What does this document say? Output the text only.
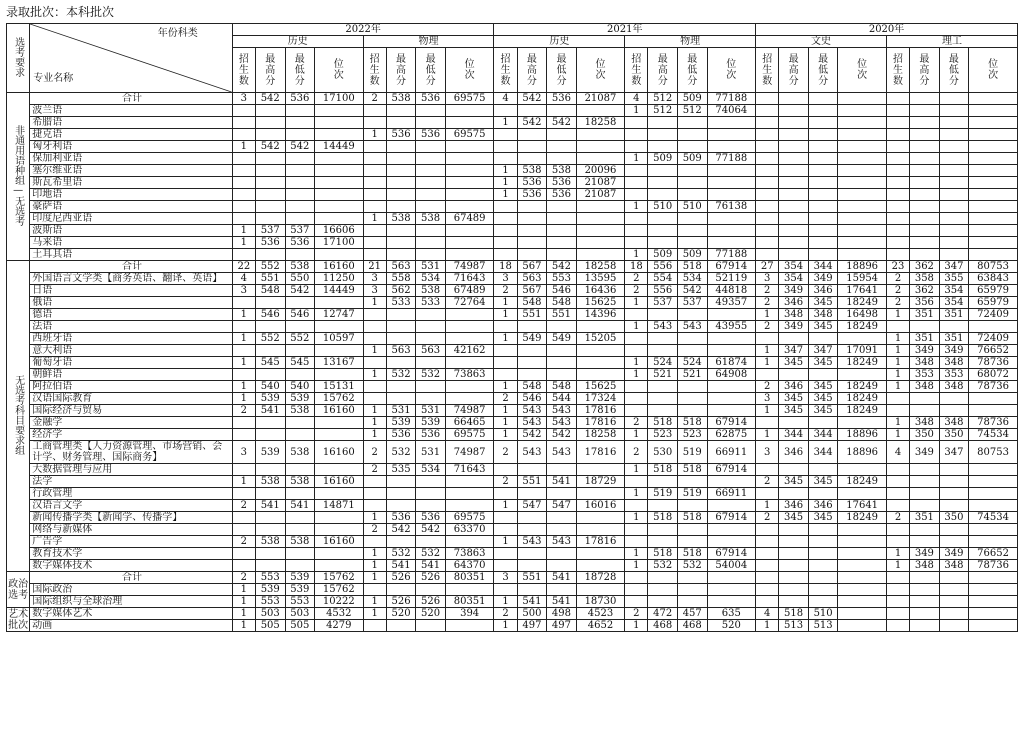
录取批次：本科批次
选考要求	年份科类
专业名称	2022年								2021年								2020年							
		历史				物理				历史				物理				文史				理工			

		招生数	最高分	最低分	位次	招生数	最高分	最低分	位次	招生数	最高分	最低分	位次	招生数	最高分	最低分	位次	招生数	最高分	最低分	位次	招生数	最高分	最低分	位次

非通用语种组—无选考	合计	3	542	536	17100	2	538	536	69575	4	542	536	21087	4	512	509	77188								
	波兰语													1	512	512	74064								
	希腊语									1	542	542	18258												
	捷克语					1	536	536	69575																
	匈牙利语	1	542	542	14449																				
	保加利亚语													1	509	509	77188								
	塞尔维亚语									1	538	538	20096												
	斯瓦希里语									1	536	536	21087												
	印地语									1	536	536	21087												
	豪萨语													1	510	510	76138								
	印度尼西亚语					1	538	538	67489																
	波斯语	1	537	537	16606																				
	马来语	1	536	536	17100																				
	土耳其语													1	509	509	77188								
无选考科目要求组	合计	22	552	538	16160	21	563	531	74987	18	567	542	18258	18	556	518	67914	27	354	344	18896	23	362	347	80753
	外国语言文学类【商务英语、翻译、英语】	4	551	550	11250	3	558	534	71643	3	563	553	13595	2	554	534	52119	3	354	349	15954	2	358	355	63843
	日语	3	548	542	14449	3	562	538	67489	2	567	546	16436	2	556	542	44818	2	349	346	17641	2	362	354	65979
	俄语					1	533	533	72764	1	548	548	15625	1	537	537	49357	2	346	345	18249	2	356	354	65979
	德语	1	546	546	12747					1	551	551	14396					1	348	348	16498	1	351	351	72409
	法语													1	543	543	43955	2	349	345	18249				
	西班牙语	1	552	552	10597					1	549	549	15205									1	351	351	72409
	意大利语					1	563	563	42162									1	347	347	17091	1	349	349	76652
	葡萄牙语	1	545	545	13167									1	524	524	61874	1	345	345	18249	1	348	348	78736
	朝鲜语					1	532	532	73863					1	521	521	64908					1	353	353	68072
	阿拉伯语	1	540	540	15131					1	548	548	15625					2	346	345	18249	1	348	348	78736
	汉语国际教育	1	539	539	15762					2	546	544	17324					3	345	345	18249				
	国际经济与贸易	2	541	538	16160	1	531	531	74987	1	543	543	17816					1	345	345	18249				
	金融学					1	539	539	66465	1	543	543	17816	2	518	518	67914					1	348	348	78736
	经济学					1	536	536	69575	1	542	542	18258	1	523	523	62875	1	344	344	18896	1	350	350	74534
	工商管理类【人力资源管理、市场营销、会计学、财务管理、国际商务】	3	539	538	16160	2	532	531	74987	2	543	543	17816	2	530	519	66911	3	346	344	18896	4	349	347	80753
	大数据管理与应用					2	535	534	71643					1	518	518	67914								
	法学	1	538	538	16160					2	551	541	18729					2	345	345	18249				
	行政管理													1	519	519	66911								
	汉语言文学	2	541	541	14871					1	547	547	16016					1	346	346	17641				
	新闻传播学类【新闻学、传播学】					1	536	536	69575					1	518	518	67914	2	345	345	18249	2	351	350	74534
	网络与新媒体					2	542	542	63370																
	广告学	2	538	538	16160					1	543	543	17816												
	教育技术学					1	532	532	73863					1	518	518	67914					1	349	349	76652
	数字媒体技术					1	541	541	64370					1	532	532	54004					1	348	348	78736

政治选考	合计	2	553	539	15762	1	526	526	80351	3	551	541	18728												
	国际政治	1	539	539	15762																				
	国际组织与全球治理	1	553	553	10222	1	526	526	80351	1	541	541	18730												

艺术批次	数字媒体艺术	1	503	503	4532	1	520	520	394	2	500	498	4523	2	472	457	635	4	518	510					
	动画	1	505	505	4279					1	497	497	4652	1	468	468	520	1	513	513					
